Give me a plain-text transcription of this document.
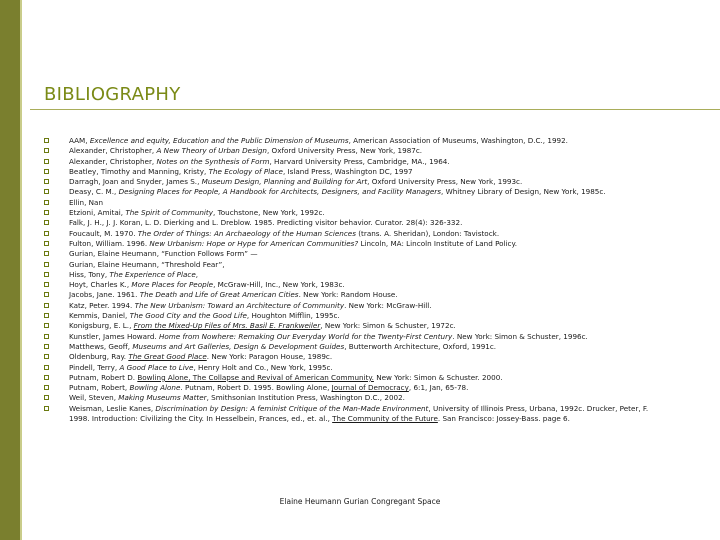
BIBLIOGRAPHY
AAM, Excellence and equity, Education and the Public Dimension of Museums, American Association of Museums, Washington, D.C., 1992.
Alexander, Christopher, A New Theory of Urban Design, Oxford University Press, New York, 1987c.
Alexander, Christopher, Notes on the Synthesis of Form, Harvard University Press, Cambridge, MA., 1964.
Beatley, Timothy and Manning, Kristy, The Ecology of Place, Island Press, Washington DC, 1997
Darragh, Joan and Snyder, James S., Museum Design, Planning and Building for Art, Oxford University Press, New York, 1993c.
Deasy, C. M., Designing Places for People, A Handbook for Architects, Designers, and Facility Managers, Whitney Library of Design, New York, 1985c.
Ellin, Nan
Etzioni, Amitai, The Spirit of Community, Touchstone, New York, 1992c.
Falk, J. H., J. J. Koran, L. D. Dierking and L. Dreblow. 1985. Predicting visitor behavior. Curator. 28(4): 326-332.
Foucault, M. 1970. The Order of Things: An Archaeology of the Human Sciences (trans. A. Sheridan), London: Tavistock.
Fulton, William. 1996. New Urbanism: Hope or Hype for American Communities? Lincoln, MA: Lincoln Institute of Land Policy.
Gurian, Elaine Heumann, “Function Follows Form” —
Gurian, Elaine Heumann, “Threshold Fear”,
Hiss, Tony, The Experience of Place,
Hoyt, Charles K., More Places for People, McGraw-Hill, Inc., New York, 1983c.
Jacobs, Jane. 1961. The Death and Life of Great American Cities. New York: Random House.
Katz, Peter. 1994. The New Urbanism: Toward an Architecture of Community. New York: McGraw-Hill.
Kemmis, Daniel, The Good City and the Good Life, Houghton Mifflin, 1995c.
Konigsburg, E. L., From the Mixed-Up Files of Mrs. Basil E. Frankweiler, New York: Simon & Schuster, 1972c.
Kunstler, James Howard. Home from Nowhere: Remaking Our Everyday World for the Twenty-First Century. New York: Simon & Schuster, 1996c.
Matthews, Geoff, Museums and Art Galleries, Design & Development Guides, Butterworth Architecture, Oxford, 1991c.
Oldenburg, Ray. The Great Good Place. New York: Paragon House, 1989c.
Pindell, Terry, A Good Place to Live, Henry Holt and Co., New York, 1995c.
Putnam, Robert D. Bowling Alone, The Collapse and Revival of American Community. New York: Simon & Schuster. 2000.
Putnam, Robert, Bowling Alone. Putnam, Robert D. 1995. Bowling Alone, Journal of Democracy, 6:1, Jan, 65-78.
Weil, Steven, Making Museums Matter, Smithsonian Institution Press, Washington D.C., 2002.
Weisman, Leslie Kanes, Discrimination by Design: A feminist Critique of the Man-Made Environment, University of Illinois Press, Urbana, 1992c. Drucker, Peter, F. 1998. Introduction: Civilizing the City. In Hesselbein, Frances, ed., et. al., The Community of the Future. San Francisco: Jossey-Bass. page 6.
Elaine Heumann Gurian Congregant Space
